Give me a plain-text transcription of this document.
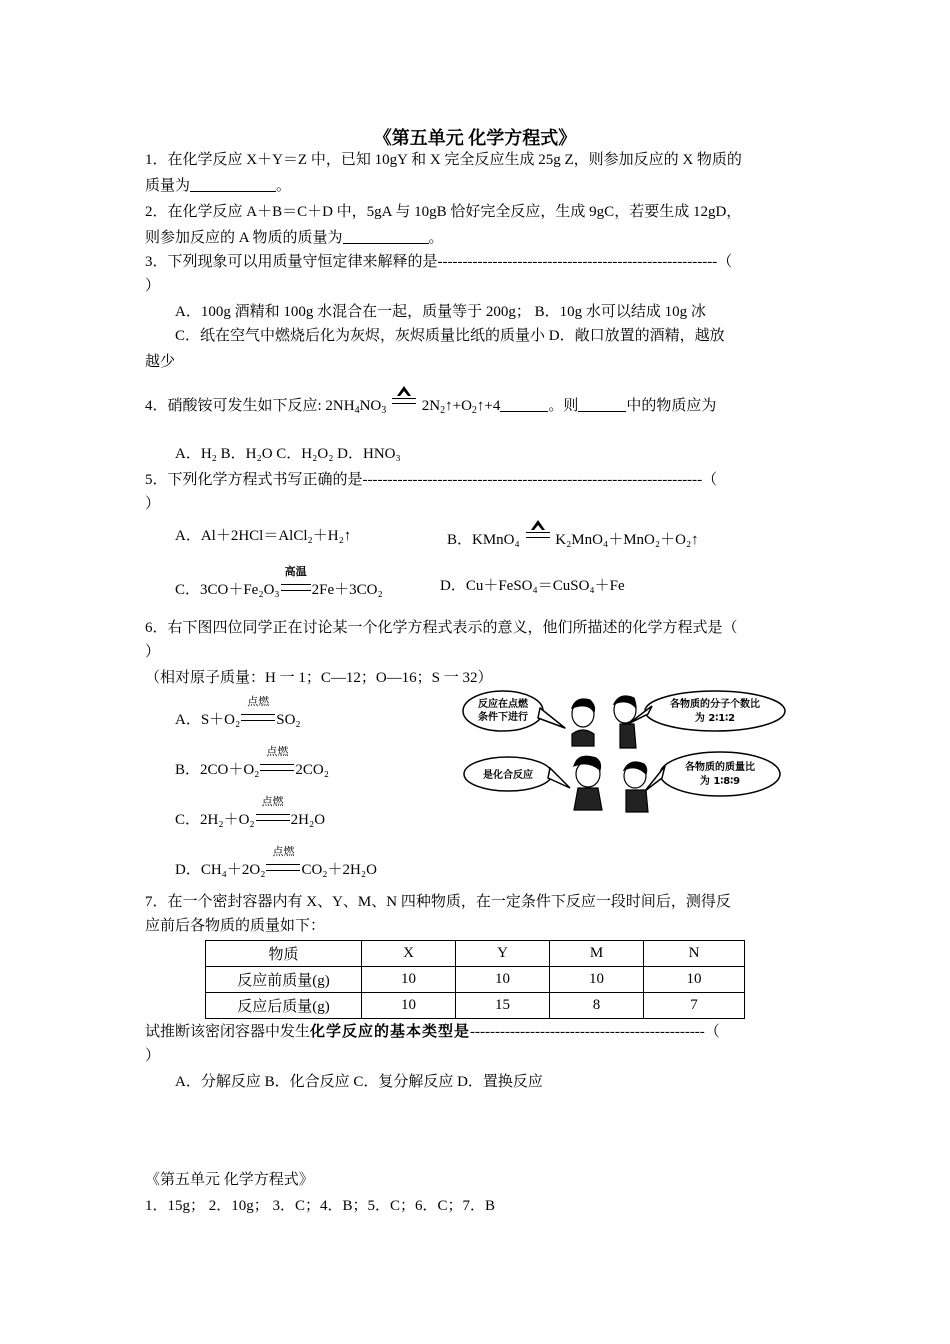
《第五单元 化学方程式》
1．在化学反应 X＋Y＝Z 中，已知 10gY 和 X 完全反应生成 25g Z，则参加反应的 X 物质的
质量为	。
2．在化学反应 A＋B＝C＋D 中，5gA 与 10gB 恰好完全反应，生成 9gC，若要生成 12gD，
则参加反应的 A 物质的质量为	。
3．下列现象可以用质量守恒定律来解释的是--------------------------------------------------------（
）
A．100g 酒精和 100g 水混合在一起，质量等于 200g； B．10g 水可以结成 10g 冰
C．纸在空气中燃烧后化为灰烬，灰烬质量比纸的质量小 D．敞口放置的酒精，越放
越少
4．硝酸铵可发生如下反应: $2NH_4NO_3$ $2N_2↑+O_2↑+4$	。则	中的物质应为
A．H₂ B．H₂O C．H₂O₂ D．HNO₃
5．下列化学方程式书写正确的是--------------------------------------------------------------------（
）
A．Al＋2HCl＝AlCl₂＋H₂↑	B．KMnO₄ K₂MnO₄＋MnO₂＋O₂↑
C．3CO＋Fe₂O₃
高温
2Fe＋3CO₂	D．Cu＋FeSO₄＝CuSO₄＋Fe
6．右下图四位同学正在讨论某一个化学方程式表示的意义，他们所描述的化学方程式是（
）
（相对原子质量：H 一 1；C—12；O—16；S 一 32）
A．S＋O₂
点燃
SO₂
B．2CO＋O₂
点燃
2CO₂
C．2H₂＋O₂
点燃
2H₂O
D．CH₄＋2O₂
点燃
CO₂＋2H₂O
反应在点燃
条件下进行
各物质的分子个数比
为 2∶1∶2
是化合反应
各物质的质量比
为 1∶8∶9
7．在一个密封容器内有 X、Y、M、N 四种物质，在一定条件下反应一段时间后，测得反
应前后各物质的质量如下：
物质	X	Y	M	N
反应前质量(g)	10	10	10	10
反应后质量(g)	10	15	8	7
试推断该密闭容器中发生化学反应的基本类型是-----------------------------------------------（
）
A．分解反应 B．化合反应 C．复分解反应 D．置换反应
《第五单元 化学方程式》
1．15g； 2．10g； 3．C；4．B；5．C；6．C；7．B
